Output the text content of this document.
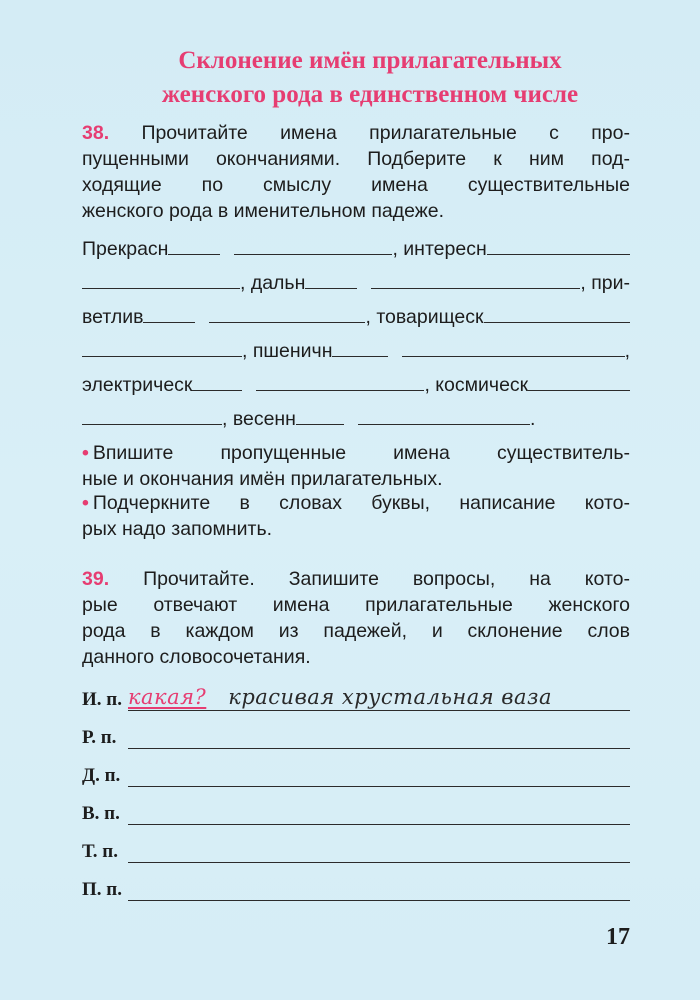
Склонение имён прилагательных
женского рода в единственном числе
38. Прочитайте имена прилагательные с про-
пущенными окончаниями. Подберите к ним под-
ходящие по смыслу имена существительные
женского рода в именительном падеже.
Прекрасн	, интересн
, дальн	, при-
ветлив	, товарищеск
, пшеничн	,
электрическ	, космическ
, весенн	.
• Впишите пропущенные имена существитель-
ные и окончания имён прилагательных.
• Подчеркните в словах буквы, написание кото-
рых надо запомнить.
39. Прочитайте. Запишите вопросы, на кото-
рые отвечают имена прилагательные женского
рода в каждом из падежей, и склонение слов
данного словосочетания.
И. п. какая? красивая хрустальная ваза
Р. п.
Д. п.
В. п.
Т. п.
П. п.
17
